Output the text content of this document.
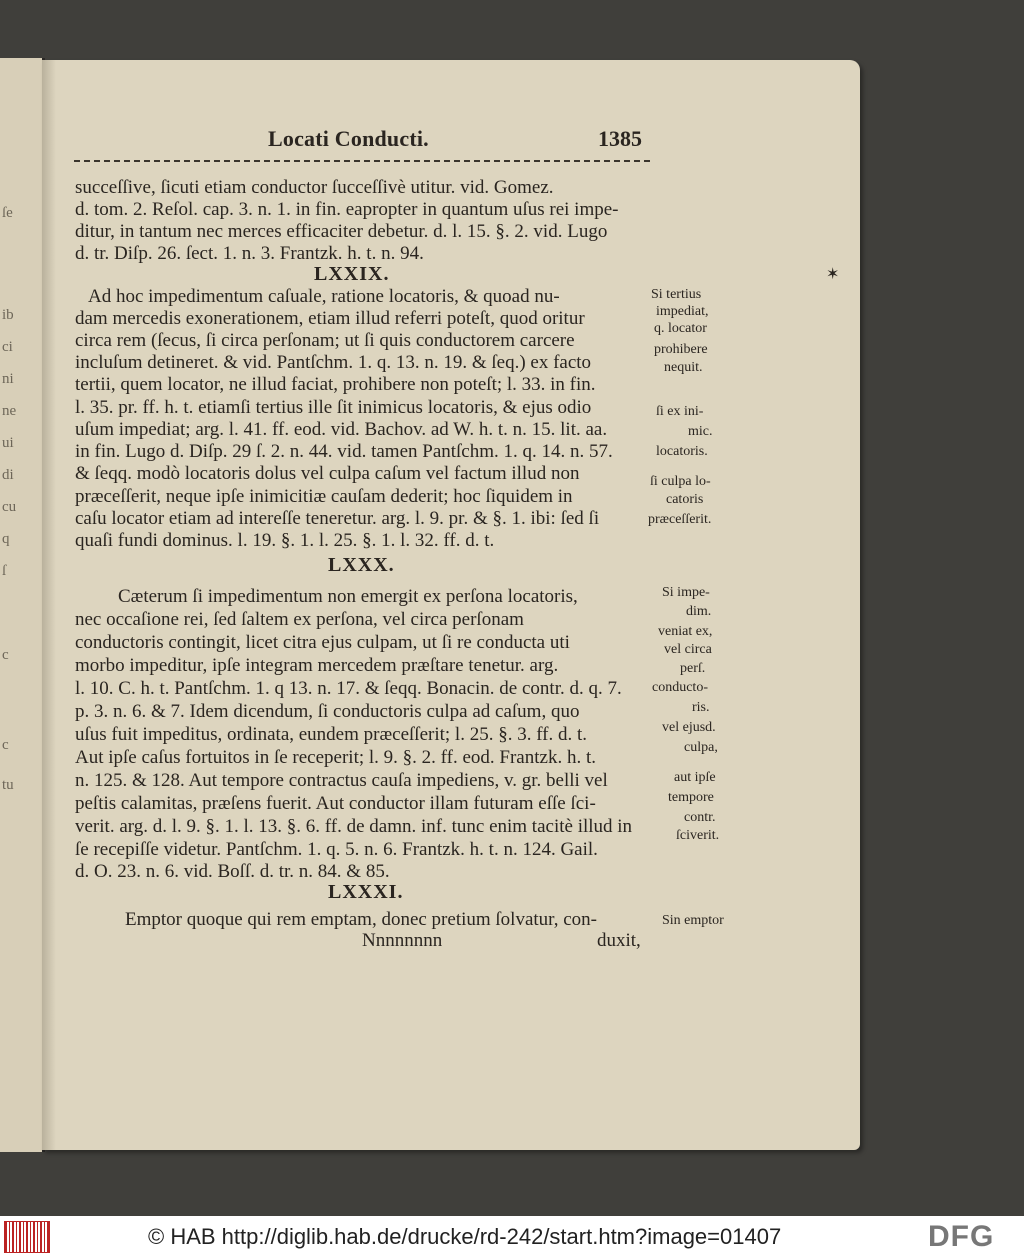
ſe
ib
ci
ni
ne
ui
di
cu
q
ſ
c
c
tu
Locati Conducti.	1385
succeſſive, ſicuti etiam conductor ſucceſſivè utitur. vid. Gomez.
d. tom. 2. Reſol. cap. 3. n. 1. in fin. eapropter in quantum uſus rei impe-
ditur, in tantum nec merces efficaciter debetur. d. l. 15. §. 2. vid. Lugo
d. tr. Diſp. 26. ſect. 1. n. 3. Frantzk. h. t. n. 94.
LXXIX.
Ad hoc impedimentum caſuale, ratione locatoris, & quoad nu-
dam mercedis exonerationem, etiam illud referri poteſt, quod oritur
circa rem (ſecus, ſi circa perſonam; ut ſi quis conductorem carcere
incluſum detineret. & vid. Pantſchm. 1. q. 13. n. 19. & ſeq.) ex facto
tertii, quem locator, ne illud faciat, prohibere non poteſt; l. 33. in fin.
l. 35. pr. ff. h. t. etiamſi tertius ille ſit inimicus locatoris, & ejus odio
uſum impediat; arg. l. 41. ff. eod. vid. Bachov. ad W. h. t. n. 15. lit. aa.
in fin. Lugo d. Diſp. 29 ſ. 2. n. 44. vid. tamen Pantſchm. 1. q. 14. n. 57.
& ſeqq. modò locatoris dolus vel culpa caſum vel factum illud non
præceſſerit, neque ipſe inimicitiæ cauſam dederit; hoc ſiquidem in
caſu locator etiam ad intereſſe teneretur. arg. l. 9. pr. & §. 1. ibi: ſed ſi
quaſi fundi dominus. l. 19. §. 1. l. 25. §. 1. l. 32. ff. d. t.
LXXX.
Cæterum ſi impedimentum non emergit ex perſona locatoris,
nec occaſione rei, ſed ſaltem ex perſona, vel circa perſonam
conductoris contingit, licet citra ejus culpam, ut ſi re conducta uti
morbo impeditur, ipſe integram mercedem præſtare tenetur. arg.
l. 10. C. h. t. Pantſchm. 1. q 13. n. 17. & ſeqq. Bonacin. de contr. d. q. 7.
p. 3. n. 6. & 7. Idem dicendum, ſi conductoris culpa ad caſum, quo
uſus fuit impeditus, ordinata, eundem præceſſerit; l. 25. §. 3. ff. d. t.
Aut ipſe caſus fortuitos in ſe receperit; l. 9. §. 2. ff. eod. Frantzk. h. t.
n. 125. & 128. Aut tempore contractus cauſa impediens, v. gr. belli vel
peſtis calamitas, præſens fuerit. Aut conductor illam futuram eſſe ſci-
verit. arg. d. l. 9. §. 1. l. 13. §. 6. ff. de damn. inf. tunc enim tacitè illud in
ſe recepiſſe videtur. Pantſchm. 1. q. 5. n. 6. Frantzk. h. t. n. 124. Gail.
d. O. 23. n. 6. vid. Boſſ. d. tr. n. 84. & 85.
LXXXI.
Emptor quoque qui rem emptam, donec pretium ſolvatur, con-
Nnnnnnnn	duxit,
Si tertius
impediat,
q. locator
prohibere
nequit.
ſi ex ini-
mic.
locatoris.
ſi culpa lo-
catoris
præceſſerit.
Si impe-
dim.
veniat ex,
vel circa
perſ.
conducto-
ris.
vel ejusd.
culpa,
aut ipſe
tempore
contr.
ſciverit.
Sin emptor
✶
© HAB http://diglib.hab.de/drucke/rd-242/start.htm?image=01407	DFG
